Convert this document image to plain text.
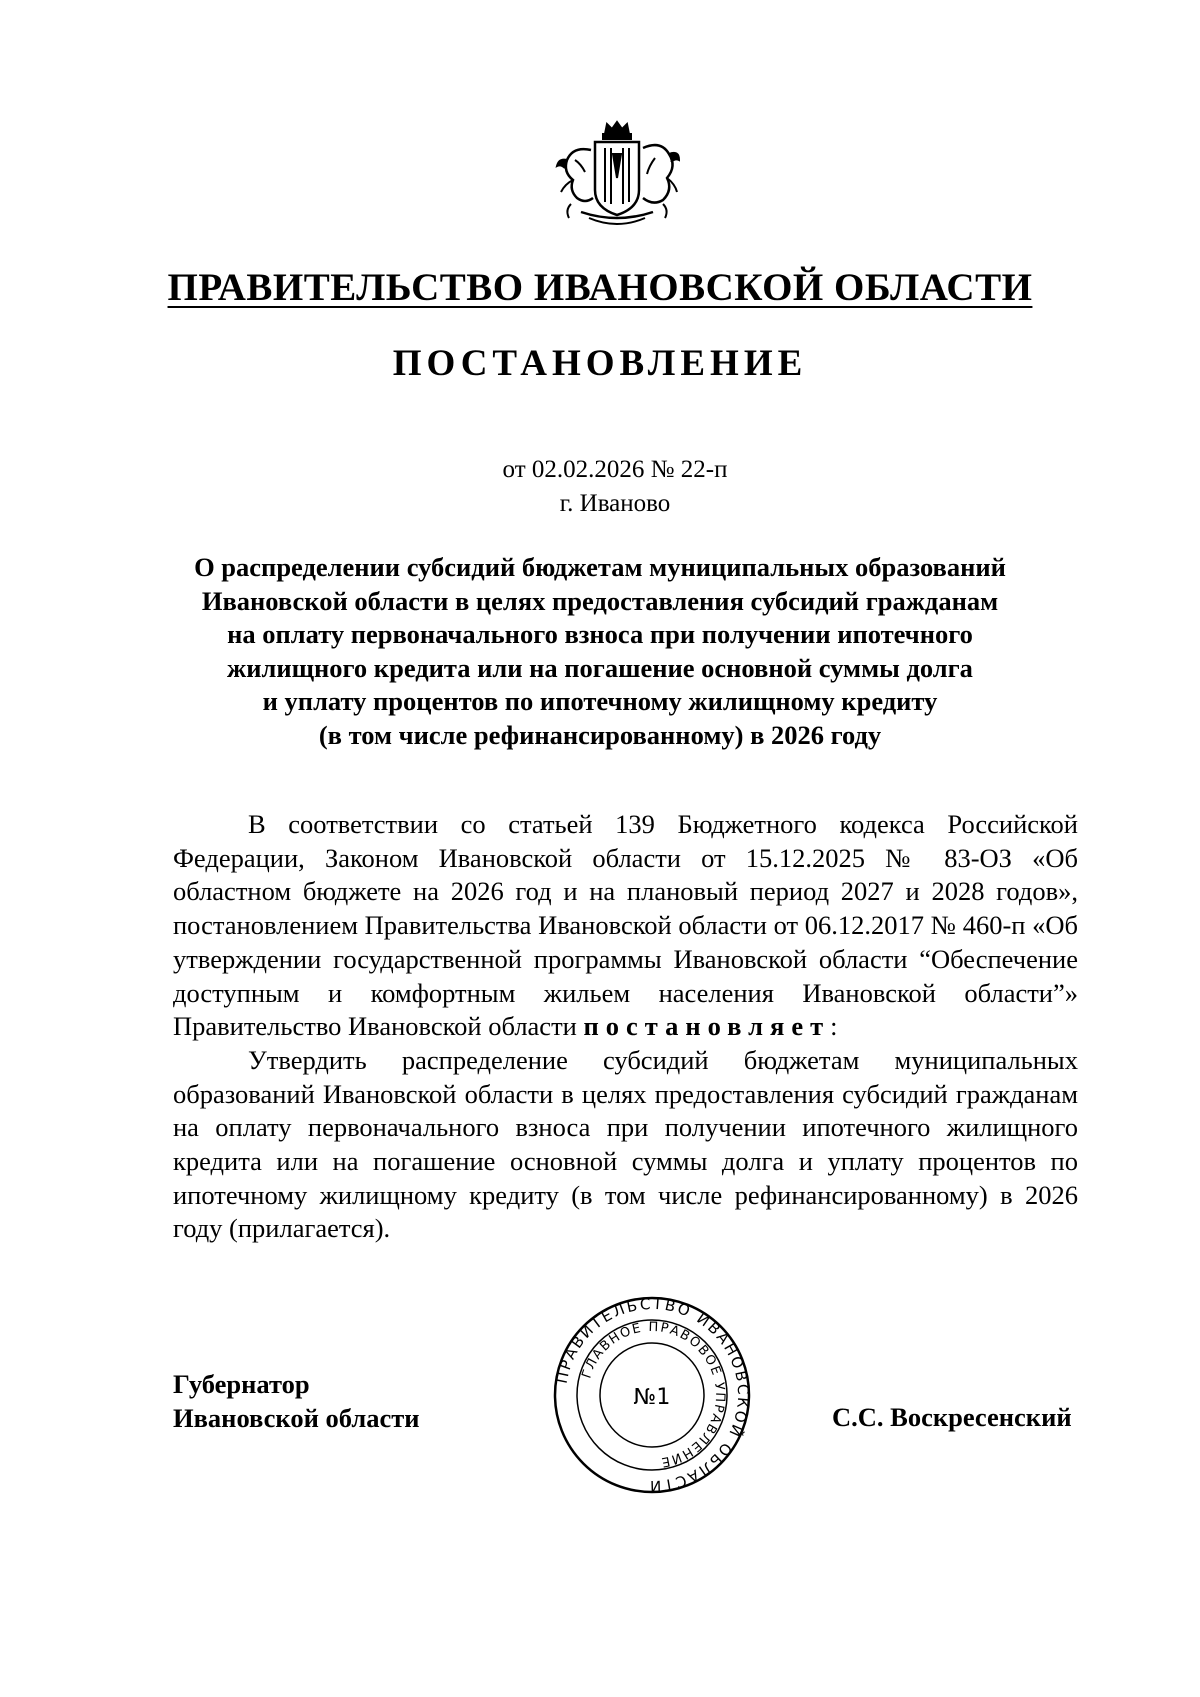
ПРАВИТЕЛЬСТВО ИВАНОВСКОЙ ОБЛАСТИ
ПОСТАНОВЛЕНИЕ
от 02.02.2026 № 22-п
г. Иваново
О распределении субсидий бюджетам муниципальных образований
Ивановской области в целях предоставления субсидий гражданам
на оплату первоначального взноса при получении ипотечного
жилищного кредита или на погашение основной суммы долга
и уплату процентов по ипотечному жилищному кредиту
(в том числе рефинансированному) в 2026 году

В соответствии со статьей 139 Бюджетного кодекса Российской Федерации, Законом Ивановской области от 15.12.2025 № 83-ОЗ «Об областном бюджете на 2026 год и на плановый период 2027 и 2028 годов», постановлением Правительства Ивановской области от 06.12.2017 № 460-п «Об утверждении государственной программы Ивановской области “Обеспечение доступным и комфортным жильем населения Ивановской области”» Правительство Ивановской области постановляет:

Утвердить распределение субсидий бюджетам муниципальных образований Ивановской области в целях предоставления субсидий гражданам на оплату первоначального взноса при получении ипотечного жилищного кредита или на погашение основной суммы долга и уплату процентов по ипотечному жилищному кредиту (в том числе рефинансированному) в 2026 году (прилагается).

Губернатор
Ивановской области
ПРАВИТЕЛЬСТВО ИВАНОВСКОЙ ОБЛАСТИ
ГЛАВНОЕ ПРАВОВОЕ УПРАВЛЕНИЕ
№1
С.С. Воскресенский
